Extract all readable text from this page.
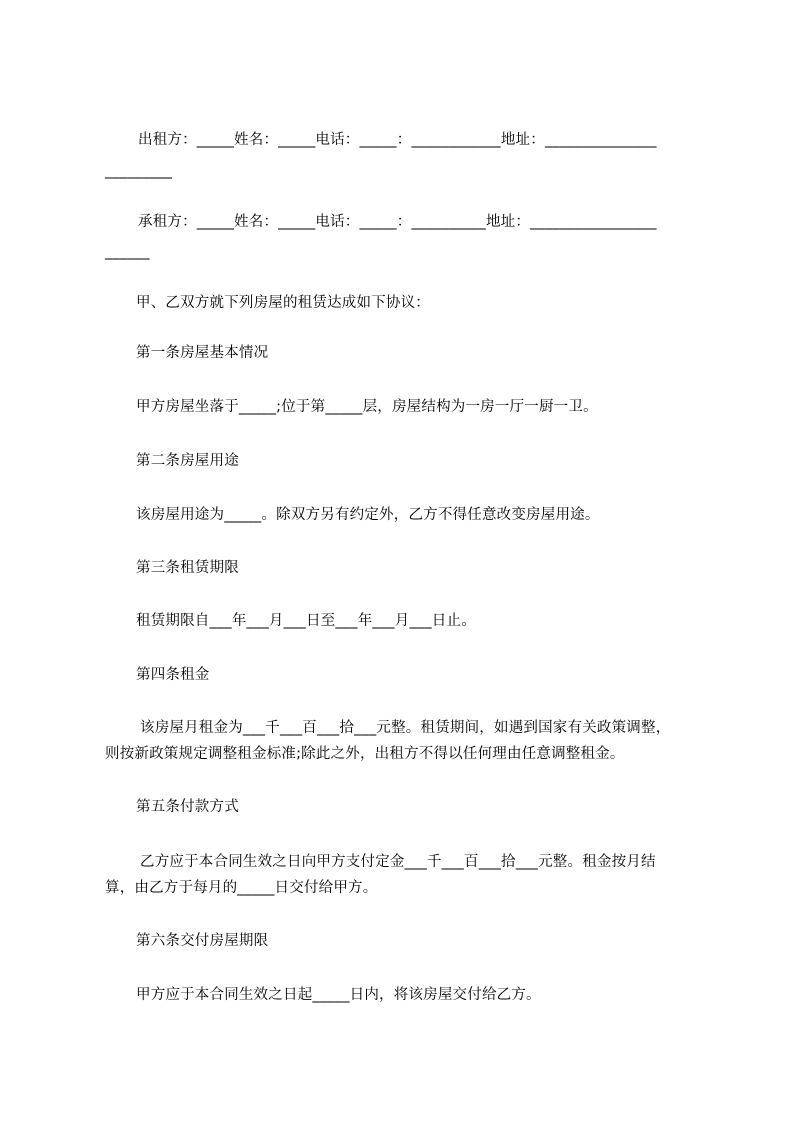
出租方：_____姓名：_____电话：_____：____________地址：_______________
_________
承租方：_____姓名：_____电话：_____：__________地址：_________________
______
甲、乙双方就下列房屋的租赁达成如下协议：
第一条房屋基本情况
甲方房屋坐落于_____;位于第_____层，房屋结构为一房一厅一厨一卫。
第二条房屋用途
该房屋用途为_____。除双方另有约定外，乙方不得任意改变房屋用途。
第三条租赁期限
租赁期限自___年___月___日至___年___月___日止。
第四条租金
该房屋月租金为___千___百___拾___元整。租赁期间，如遇到国家有关政策调整，
则按新政策规定调整租金标准;除此之外，出租方不得以任何理由任意调整租金。
第五条付款方式
乙方应于本合同生效之日向甲方支付定金___千___百___拾___元整。租金按月结
算，由乙方于每月的_____日交付给甲方。
第六条交付房屋期限
甲方应于本合同生效之日起_____日内，将该房屋交付给乙方。
